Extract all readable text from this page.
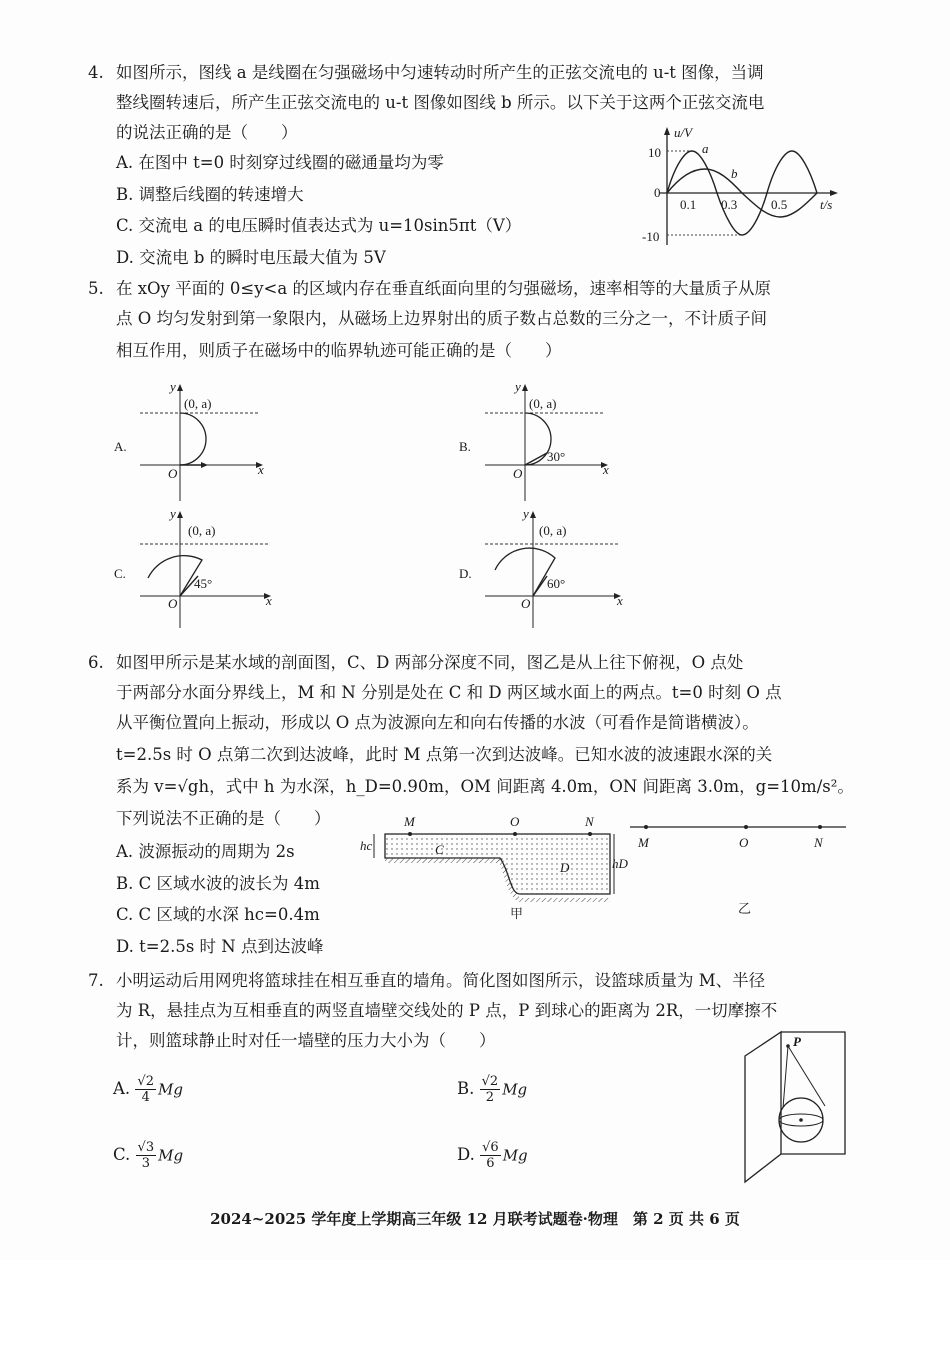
4. 如图所示，图线 a 是线圈在匀强磁场中匀速转动时所产生的正弦交流电的 u-t 图像，当调
整线圈转速后，所产生正弦交流电的 u-t 图像如图线 b 所示。以下关于这两个正弦交流电
的说法正确的是（　　）
A. 在图中 t=0 时刻穿过线圈的磁通量均为零
B. 调整后线圈的转速增大
C. 交流电 a 的电压瞬时值表达式为 u=10sin5πt（V）
D. 交流电 b 的瞬时电压最大值为 5V
u/V
t/s
10
0
-10
0.1 0.3	0.5
a
b
5. 在 xOy 平面的 0≤y<a 的区域内存在垂直纸面向里的匀强磁场，速率相等的大量质子从原
点 O 均匀发射到第一象限内，从磁场上边界射出的质子数占总数的三分之一，不计质子间
相互作用，则质子在磁场中的临界轨迹可能正确的是（　　）
A.
y
(0, a)
O	x
B.
y
(0, a)
O	x
30°
C.
y
(0, a)
O	x
45°
D.
y
(0, a)
O	x
60°
6. 如图甲所示是某水域的剖面图，C、D 两部分深度不同，图乙是从上往下俯视，O 点处
于两部分水面分界线上，M 和 N 分别是处在 C 和 D 两区域水面上的两点。t=0 时刻 O 点
从平衡位置向上振动，形成以 O 点为波源向左和向右传播的水波（可看作是简谐横波）。
t=2.5s 时 O 点第二次到达波峰，此时 M 点第一次到达波峰。已知水波的波速跟水深的关
系为 v=√gh，式中 h 为水深，h_D=0.90m，OM 间距离 4.0m，ON 间距离 3.0m，g=10m/s²。
下列说法不正确的是（　　）
A. 波源振动的周期为 2s
B. C 区域水波的波长为 4m
C. C 区域的水深 hc=0.4m
D. t=2.5s 时 N 点到达波峰
M	O	N
C
D
hc
hD
甲
M	O	N
乙
7. 小明运动后用网兜将篮球挂在相互垂直的墙角。简化图如图所示，设篮球质量为 M、半径
为 R，悬挂点为互相垂直的两竖直墙壁交线处的 P 点，P 到球心的距离为 2R，一切摩擦不
计，则篮球静止时对任一墙壁的压力大小为（　　）
A. $\frac{√2}{4}$ Mg	B. $\frac{√2}{2}$ Mg
C. $\frac{√3}{3}$ Mg	D. $\frac{√6}{6}$ Mg
P
2024~2025 学年度上学期高三年级 12 月联考试题卷·物理　第 2 页 共 6 页
